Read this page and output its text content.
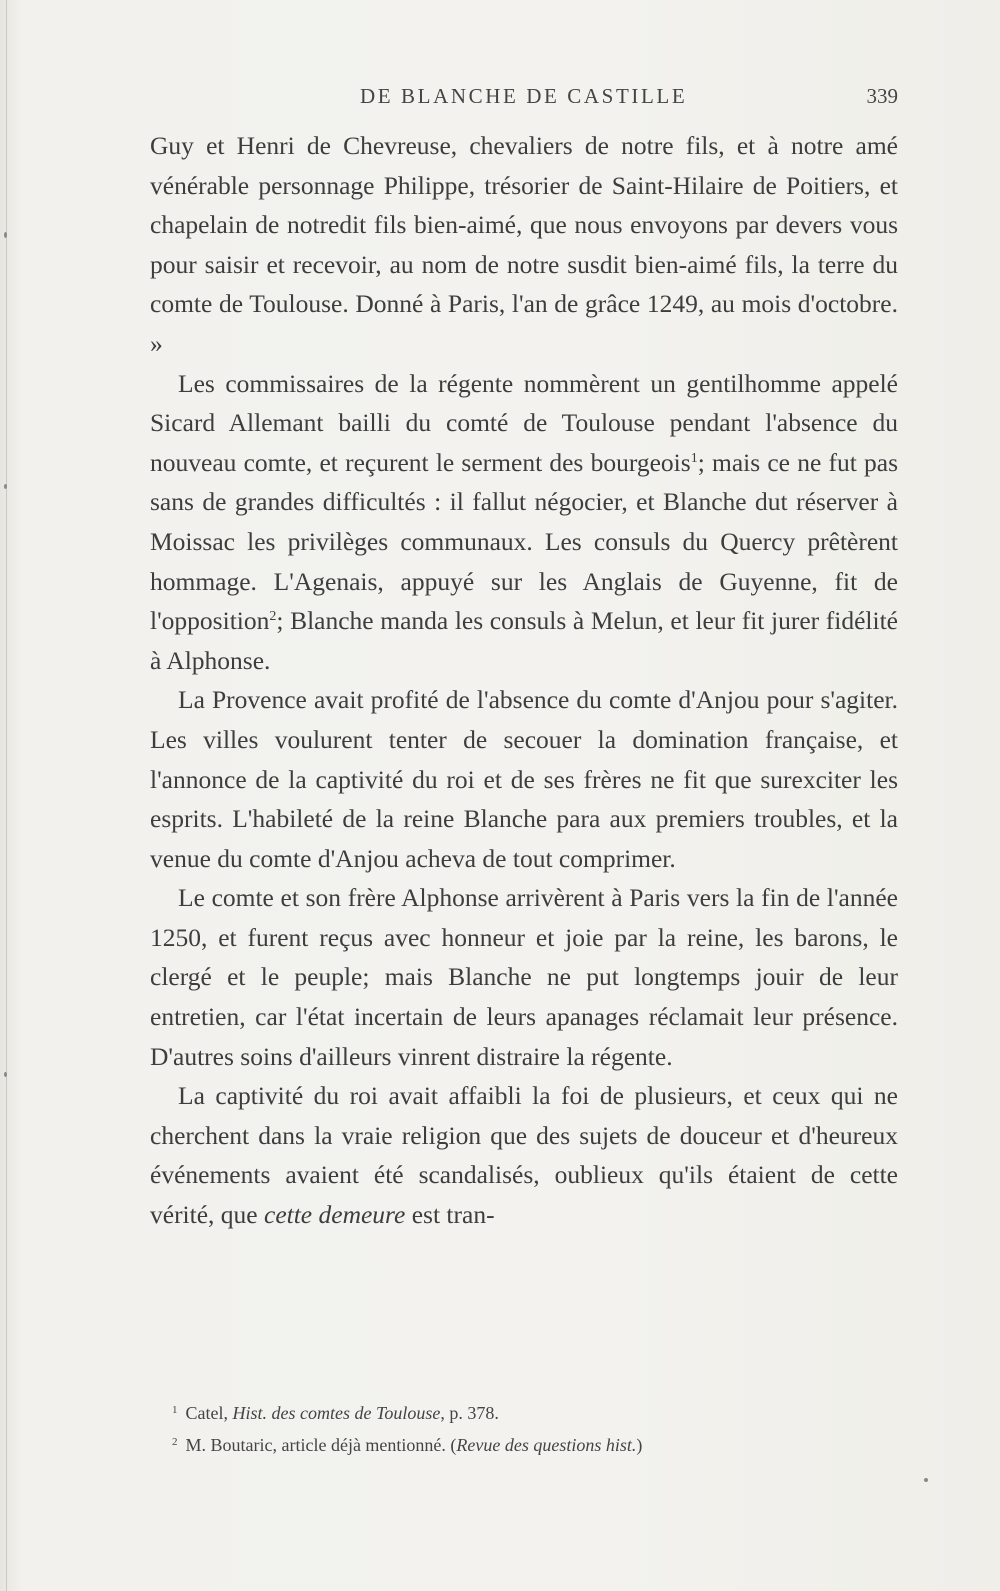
DE BLANCHE DE CASTILLE	339

Guy et Henri de Chevreuse, chevaliers de notre fils, et à notre amé vénérable personnage Philippe, trésorier de Saint-Hilaire de Poitiers, et chapelain de notredit fils bien-aimé, que nous envoyons par devers vous pour saisir et recevoir, au nom de notre susdit bien-aimé fils, la terre du comte de Toulouse. Donné à Paris, l'an de grâce 1249, au mois d'octobre. »

Les commissaires de la régente nommèrent un gentilhomme appelé Sicard Allemant bailli du comté de Toulouse pendant l'absence du nouveau comte, et reçurent le serment des bourgeois$^1$; mais ce ne fut pas sans de grandes difficultés : il fallut négocier, et Blanche dut réserver à Moissac les privilèges communaux. Les consuls du Quercy prêtèrent hommage. L'Agenais, appuyé sur les Anglais de Guyenne, fit de l'opposition$^2$; Blanche manda les consuls à Melun, et leur fit jurer fidélité à Alphonse.

La Provence avait profité de l'absence du comte d'Anjou pour s'agiter. Les villes voulurent tenter de secouer la domination française, et l'annonce de la captivité du roi et de ses frères ne fit que surexciter les esprits. L'habileté de la reine Blanche para aux premiers troubles, et la venue du comte d'Anjou acheva de tout comprimer.

Le comte et son frère Alphonse arrivèrent à Paris vers la fin de l'année 1250, et furent reçus avec honneur et joie par la reine, les barons, le clergé et le peuple; mais Blanche ne put longtemps jouir de leur entretien, car l'état incertain de leurs apanages réclamait leur présence. D'autres soins d'ailleurs vinrent distraire la régente.

La captivité du roi avait affaibli la foi de plusieurs, et ceux qui ne cherchent dans la vraie religion que des sujets de douceur et d'heureux événements avaient été scandalisés, oublieux qu'ils étaient de cette vérité, que cette demeure est tran-

$^1$ Catel, Hist. des comtes de Toulouse, p. 378.
$^2$ M. Boutaric, article déjà mentionné. (Revue des questions hist.)
